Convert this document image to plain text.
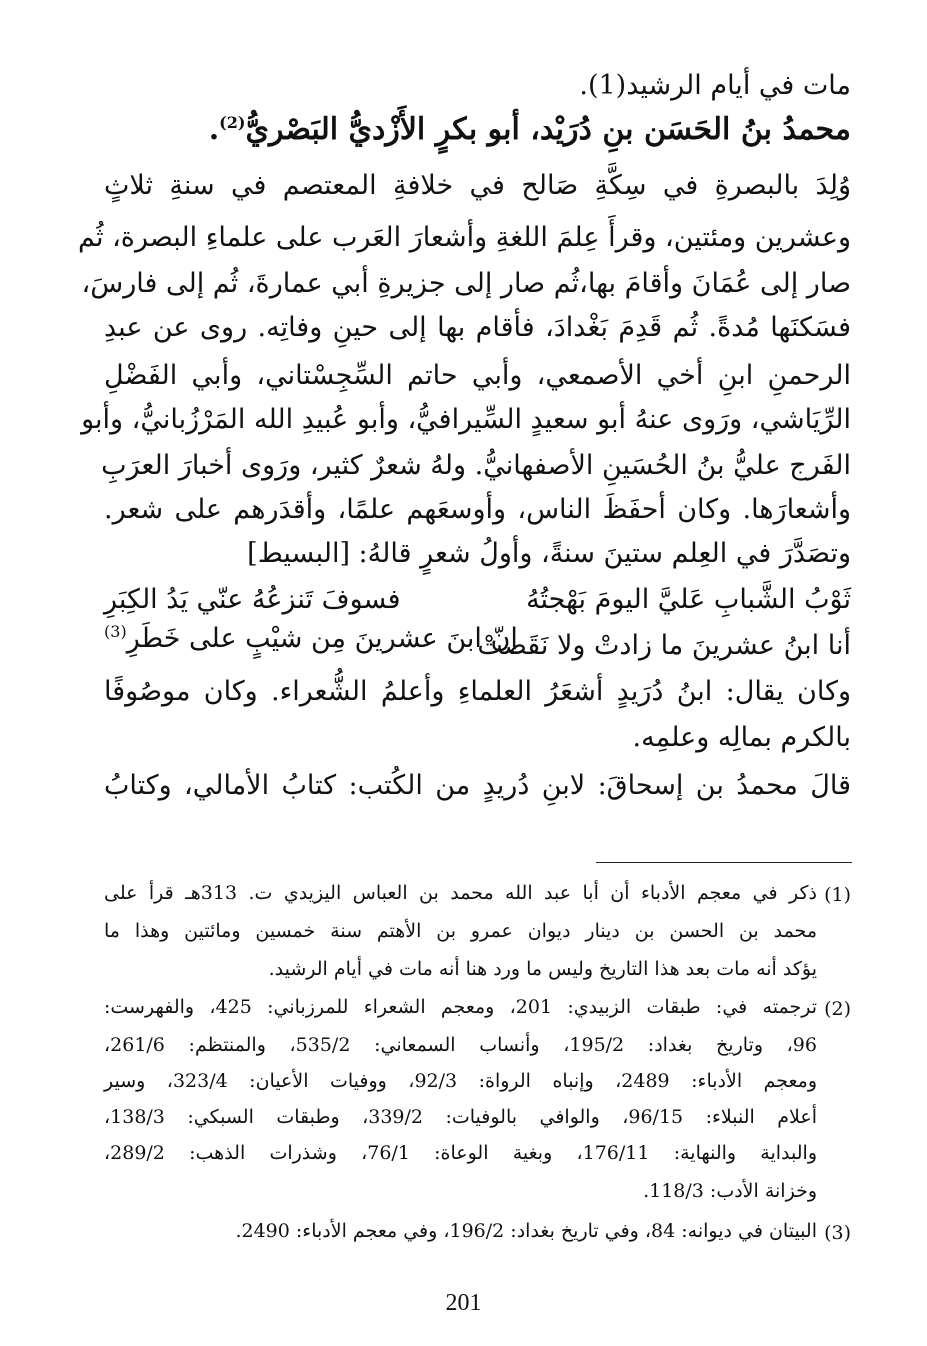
مات في أيام الرشيد(1).

محمدُ بنُ الحَسَن بنِ دُرَيْد، أبو بكرٍ الأَزْديُّ البَصْريُّ$^{(2)}$.

وُلِدَ بالبصرةِ في سِكَّةِ صَالح في خلافةِ المعتصم في سنةِ ثلاثٍ

وعشرين ومئتين، وقرأَ عِلمَ اللغةِ وأشعارَ العَرب على علماءِ البصرة، ثُم

صار إلى عُمَانَ وأقامَ بها،ثُم صار إلى جزيرةِ أبي عمارةَ، ثُم إلى فارسَ،

فسَكنَها مُدةً. ثُم قَدِمَ بَغْدادَ، فأقام بها إلى حينِ وفاتِه. روى عن عبدِ

الرحمنِ ابنِ أخي الأصمعي، وأبي حاتم السِّجِسْتاني، وأبي الفَضْلِ

الرِّيَاشي، ورَوى عنهُ أبو سعيدٍ السِّيرافيُّ، وأبو عُبيدِ الله المَرْزُبانيُّ، وأبو

الفَرج عليُّ بنُ الحُسَينِ الأصفهانيُّ. ولهُ شعرٌ كثير، ورَوى أخبارَ العرَبِ

وأشعارَها. وكان أحفَظَ الناس، وأوسعَهم علمًا، وأقدَرهم على شعر.

وتصَدَّرَ في العِلم ستينَ سنةً، وأولُ شعرٍ قالهُ: [البسيط]

ثَوْبُ الشَّبابِ عَليَّ اليومَ بَهْجتُهُ
فسوفَ تَنزعُهُ عنّي يَدُ الكِبَرِ
أنا ابنُ عشرينَ ما زادتْ ولا نَقَصتْ
إنّ ابنَ عشرينَ مِن شيْبٍ على خَطَرِ$^{(3)}$

وكان يقال: ابنُ دُرَيدٍ أشعَرُ العلماءِ وأعلمُ الشُّعراء. وكان موصُوفًا

بالكرم بمالِه وعلمِه.

قالَ محمدُ بن إسحاقَ: لابنِ دُريدٍ من الكُتب: كتابُ الأمالي، وكتابُ

(1)

ذكر في معجم الأدباء أن أبا عبد الله محمد بن العباس اليزيدي ت. 313هـ قرأ على

محمد بن الحسن بن دينار ديوان عمرو بن الأهتم سنة خمسين ومائتين وهذا ما

يؤكد أنه مات بعد هذا التاريخ وليس ما ورد هنا أنه مات في أيام الرشيد.

(2)

ترجمته في: طبقات الزبيدي: 201، ومعجم الشعراء للمرزباني: 425، والفهرست:

96، وتاريخ بغداد: 195/2، وأنساب السمعاني: 535/2، والمنتظم: 261/6،

ومعجم الأدباء: 2489، وإنباه الرواة: 92/3، ووفيات الأعيان: 323/4، وسير

أعلام النبلاء: 96/15، والوافي بالوفيات: 339/2، وطبقات السبكي: 138/3،

والبداية والنهاية: 176/11، وبغية الوعاة: 76/1، وشذرات الذهب: 289/2،

وخزانة الأدب: 118/3.

(3)

البيتان في ديوانه: 84، وفي تاريخ بغداد: 196/2، وفي معجم الأدباء: 2490.

201
